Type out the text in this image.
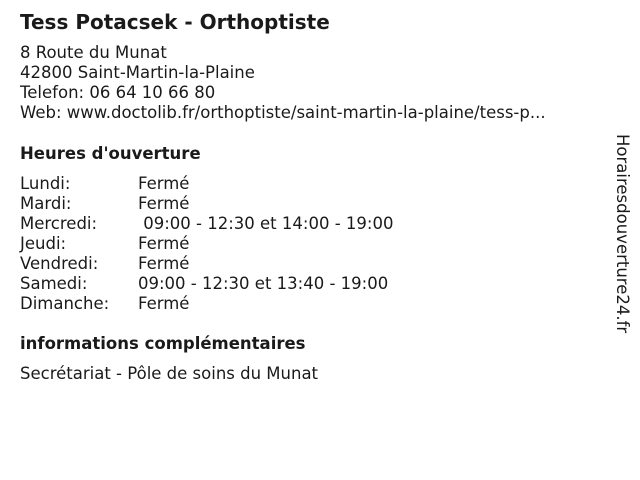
Tess Potacsek - Orthoptiste
8 Route du Munat
42800 Saint-Martin-la-Plaine
Telefon: 06 64 10 66 80
Web: www.doctolib.fr/orthoptiste/saint-martin-la-plaine/tess-p...
Heures d'ouverture
Lundi:	Fermé
Mardi:	Fermé
Mercredi: 09:00 - 12:30 et 14:00 - 19:00
Jeudi:	Fermé
Vendredi: Fermé
Samedi:	09:00 - 12:30 et 13:40 - 19:00
Dimanche: Fermé
informations complémentaires
Secrétariat - Pôle de soins du Munat
Horairesdouverture24.fr
